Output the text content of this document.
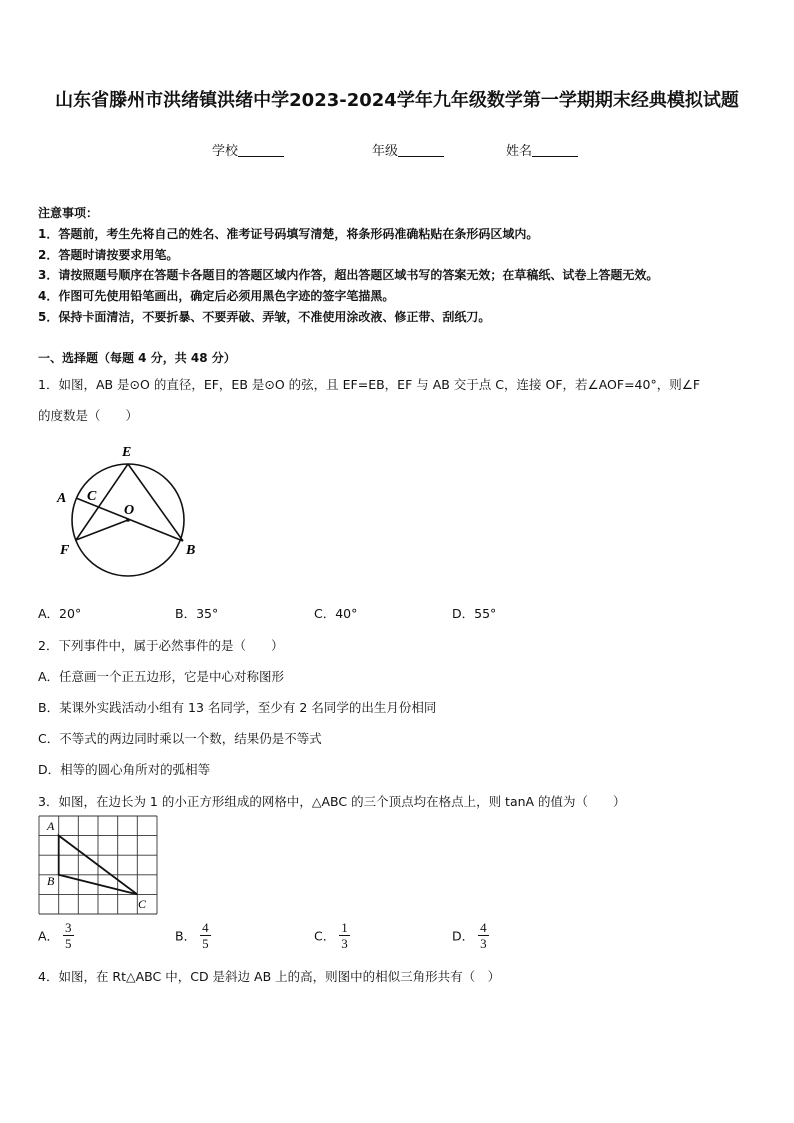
山东省滕州市洪绪镇洪绪中学2023-2024学年九年级数学第一学期期末经典模拟试题
学校	年级	姓名
注意事项：
1．答题前，考生先将自己的姓名、准考证号码填写清楚，将条形码准确粘贴在条形码区域内。
2．答题时请按要求用笔。
3．请按照题号顺序在答题卡各题目的答题区域内作答，超出答题区域书写的答案无效；在草稿纸、试卷上答题无效。
4．作图可先使用铅笔画出，确定后必须用黑色字迹的签字笔描黑。
5．保持卡面清洁，不要折暴、不要弄破、弄皱，不准使用涂改液、修正带、刮纸刀。
一、选择题（每题 4 分，共 48 分）
1．如图，AB 是⊙O 的直径，EF，EB 是⊙O 的弦，且 EF=EB，EF 与 AB 交于点 C，连接 OF，若∠AOF=40°，则∠F
的度数是（　　）
E
A C
O
F	B
A．20°	B．35°	C．40°	D．55°
2．下列事件中，属于必然事件的是（　　）
A．任意画一个正五边形，它是中心对称图形
B．某课外实践活动小组有 13 名同学，至少有 2 名同学的出生月份相同
C．不等式的两边同时乘以一个数，结果仍是不等式
D．相等的圆心角所对的弧相等
3．如图，在边长为 1 的小正方形组成的网格中，△ABC 的三个顶点均在格点上，则 tanA 的值为（　　）
A
B
C
A． $\frac{3}{5}$	B． $\frac{4}{5}$	C． $\frac{1}{3}$	D． $\frac{4}{3}$
4．如图，在 Rt△ABC 中，CD 是斜边 AB 上的高，则图中的相似三角形共有（　）
